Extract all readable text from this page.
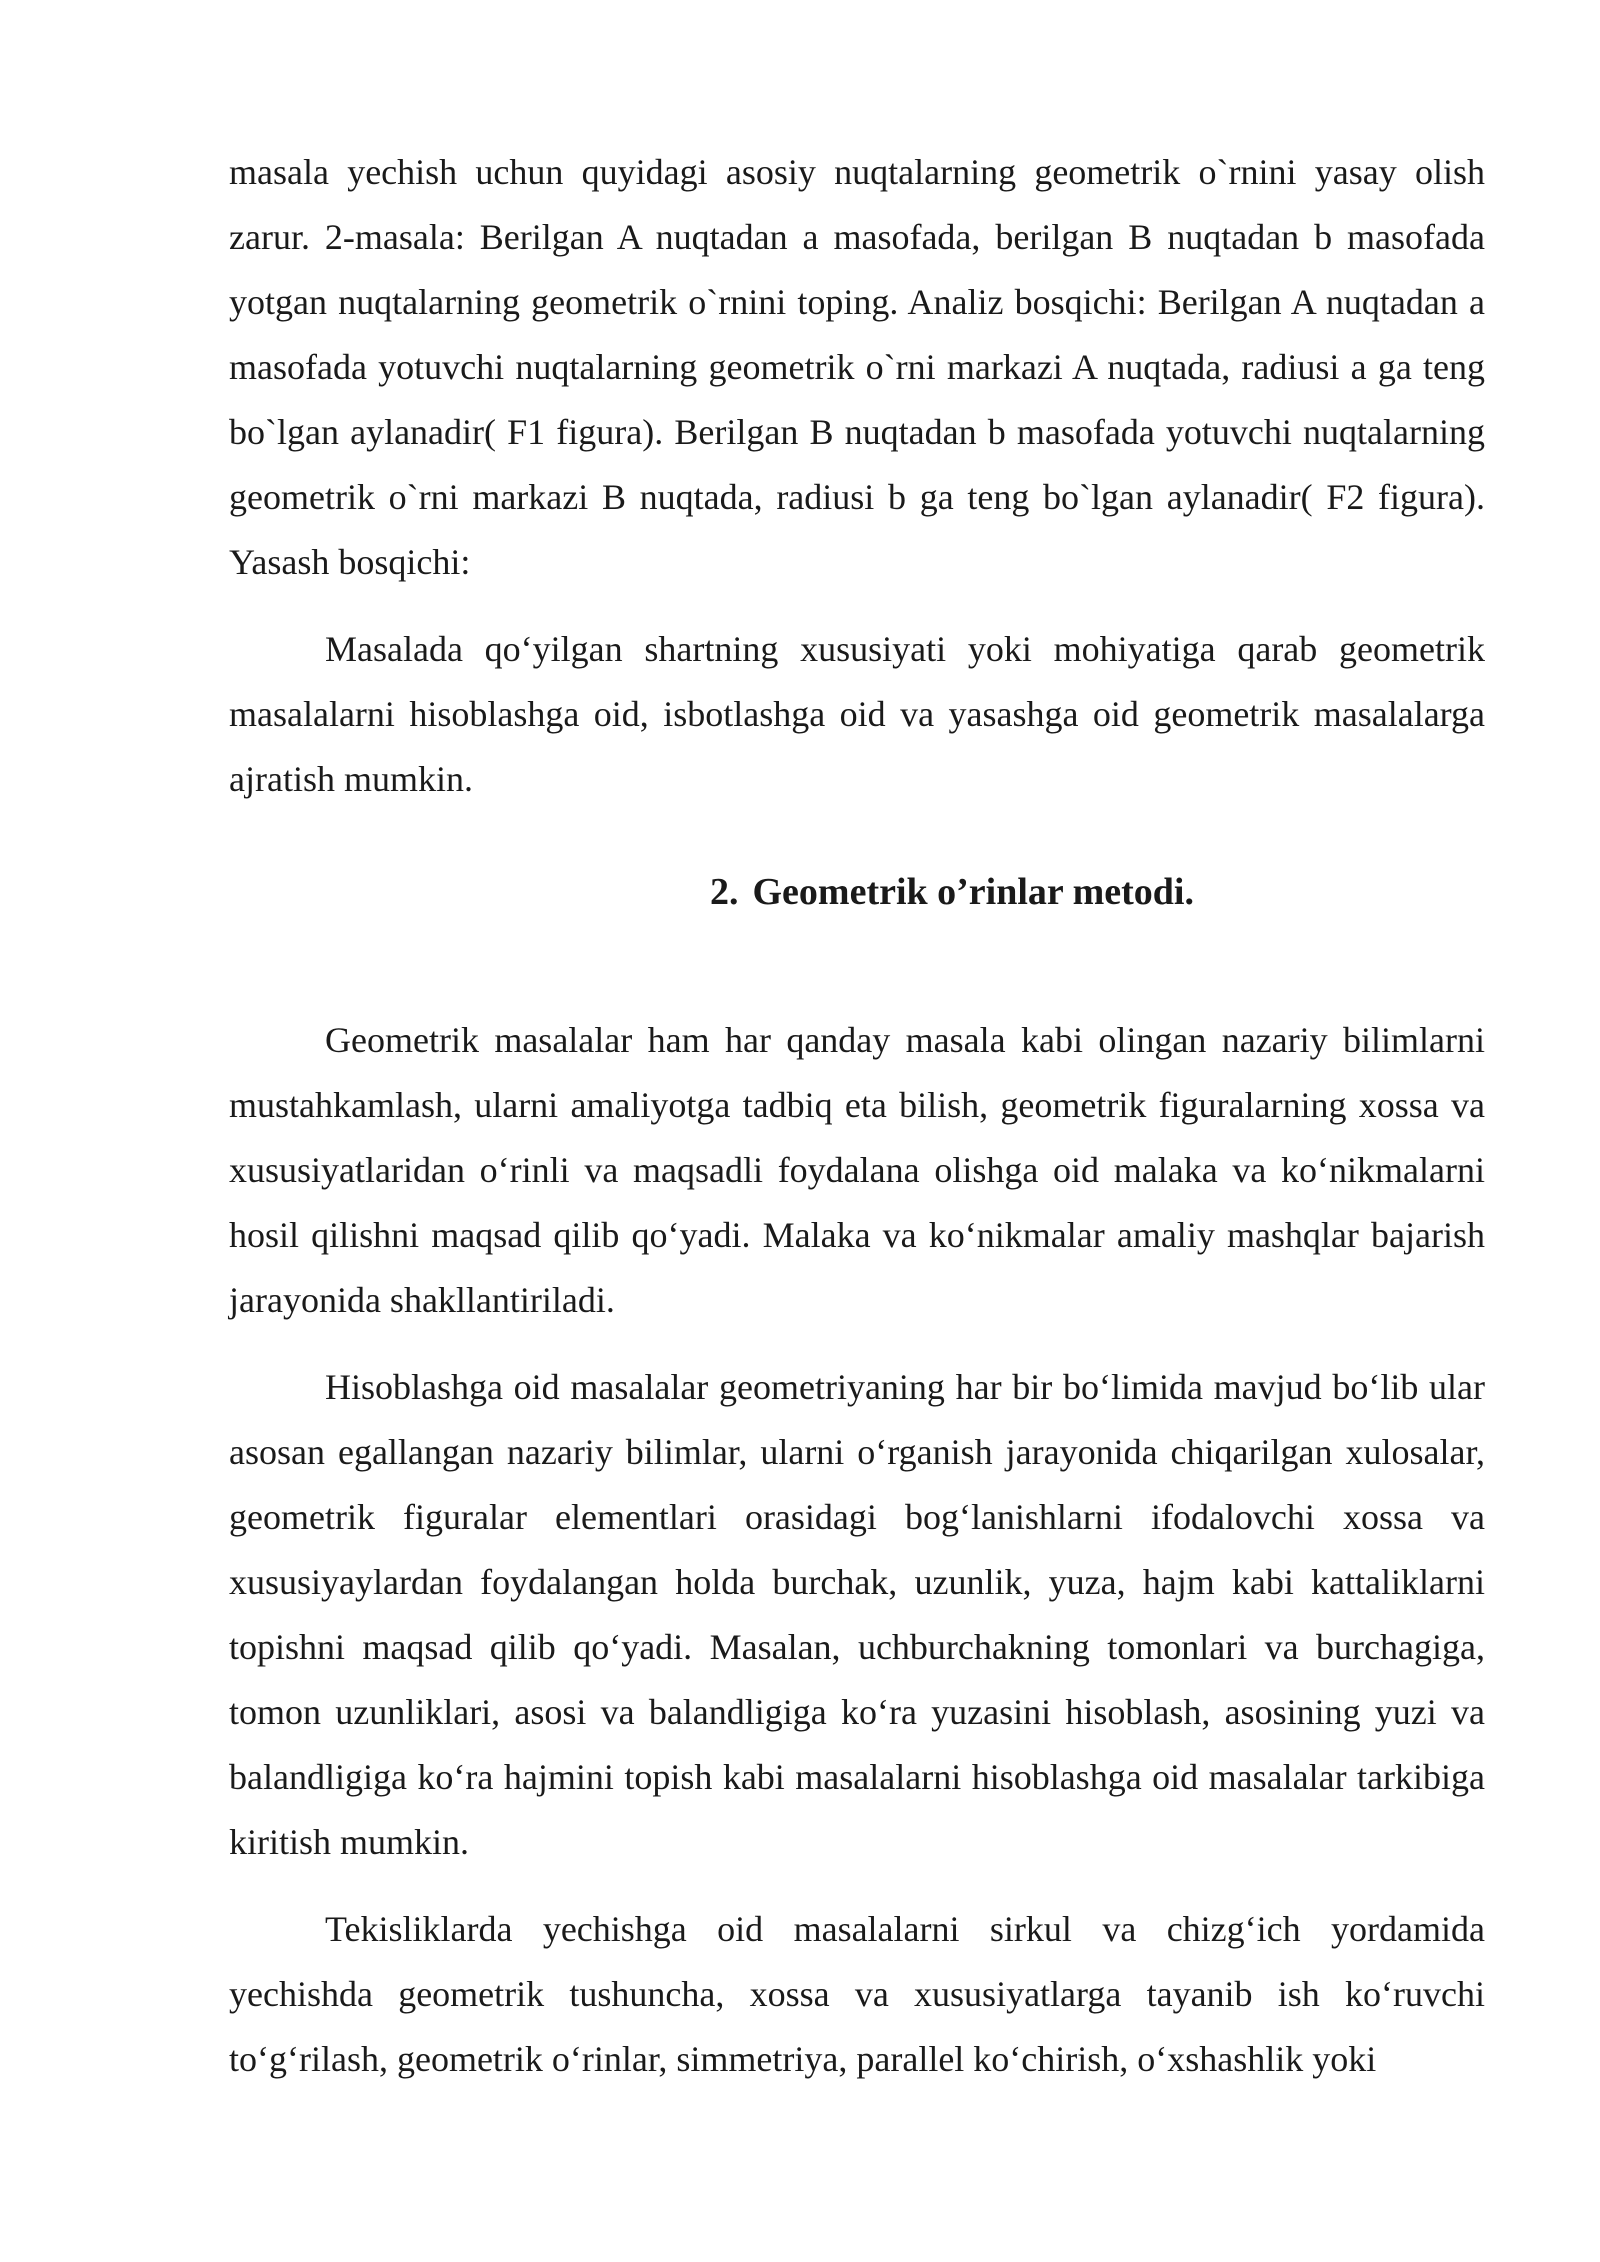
masala yechish uchun quyidagi asosiy nuqtalarning geometrik o`rnini yasay olish zarur. 2-masala: Berilgan A nuqtadan a masofada, berilgan B nuqtadan b masofada yotgan nuqtalarning geometrik o`rnini toping. Analiz bosqichi: Berilgan A nuqtadan a masofada yotuvchi nuqtalarning geometrik o`rni markazi A nuqtada, radiusi a ga teng bo`lgan aylanadir( F1 figura). Berilgan B nuqtadan b masofada yotuvchi nuqtalarning geometrik o`rni markazi B nuqtada, radiusi b ga teng bo`lgan aylanadir( F2 figura). Yasash bosqichi:

Masalada qo‘yilgan shartning xususiyati yoki mohiyatiga qarab geometrik masalalarni hisoblashga oid, isbotlashga oid va yasashga oid geometrik masalalarga ajratish mumkin.

2. Geometrik o’rinlar metodi.

Geometrik masalalar ham har qanday masala kabi olingan nazariy bilimlarni mustahkamlash, ularni amaliyotga tadbiq eta bilish, geometrik figuralarning xossa va xususiyatlaridan o‘rinli va maqsadli foydalana olishga oid malaka va ko‘nikmalarni hosil qilishni maqsad qilib qo‘yadi. Malaka va ko‘nikmalar amaliy mashqlar bajarish jarayonida shakllantiriladi.

Hisoblashga oid masalalar geometriyaning har bir bo‘limida mavjud bo‘lib ular asosan egallangan nazariy bilimlar, ularni o‘rganish jarayonida chiqarilgan xulosalar, geometrik figuralar elementlari orasidagi bog‘lanishlarni ifodalovchi xossa va xususiyaylardan foydalangan holda burchak, uzunlik, yuza, hajm kabi kattaliklarni topishni maqsad qilib qo‘yadi. Masalan, uchburchakning tomonlari va burchagiga, tomon uzunliklari, asosi va balandligiga ko‘ra yuzasini hisoblash, asosining yuzi va balandligiga ko‘ra hajmini topish kabi masalalarni hisoblashga oid masalalar tarkibiga kiritish mumkin.

Tekisliklarda yechishga oid masalalarni sirkul va chizg‘ich yordamida yechishda geometrik tushuncha, xossa va xususiyatlarga tayanib ish ko‘ruvchi to‘g‘rilash, geometrik o‘rinlar, simmetriya, parallel ko‘chirish, o‘xshashlik yoki
